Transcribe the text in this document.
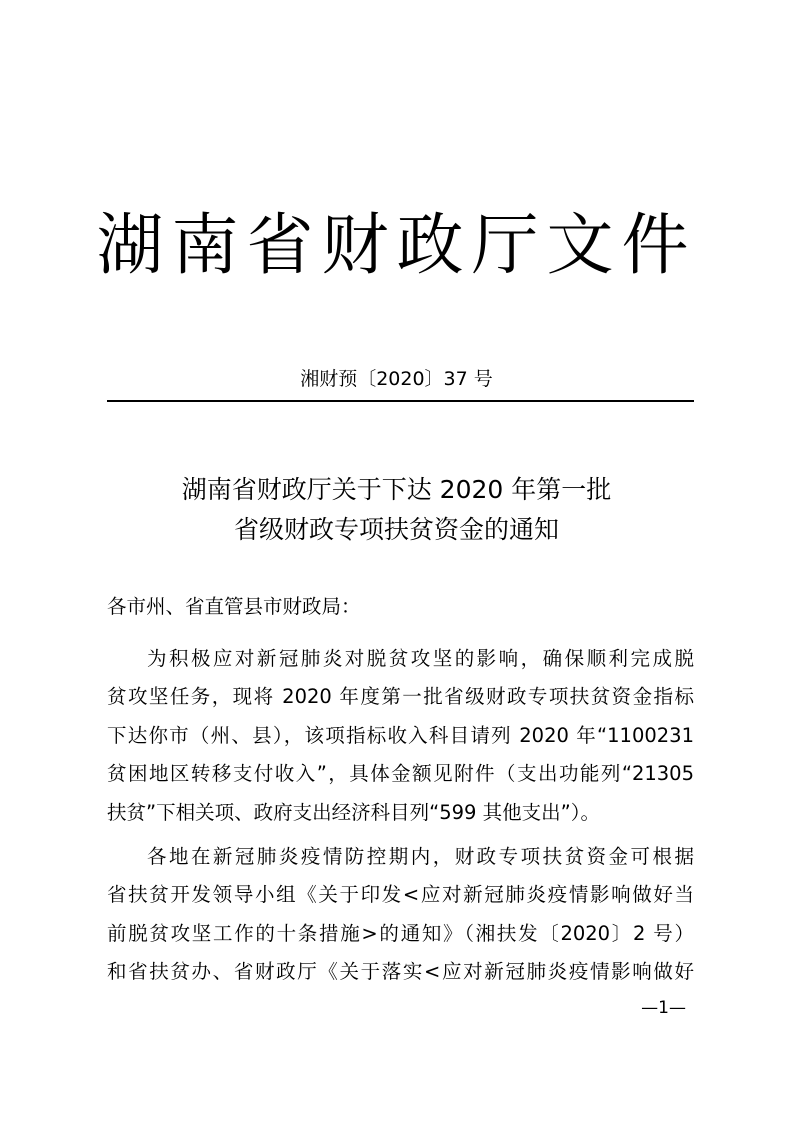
湖南省财政厅文件
湘财预〔2020〕37 号
湖南省财政厅关于下达 2020 年第一批
省级财政专项扶贫资金的通知
各市州、省直管县市财政局：
为积极应对新冠肺炎对脱贫攻坚的影响，确保顺利完成脱
贫攻坚任务，现将 2020 年度第一批省级财政专项扶贫资金指标
下达你市（州、县），该项指标收入科目请列 2020 年“1100231
贫困地区转移支付收入”，具体金额见附件（支出功能列“21305
扶贫”下相关项、政府支出经济科目列“599 其他支出”）。
各地在新冠肺炎疫情防控期内，财政专项扶贫资金可根据
省扶贫开发领导小组《关于印发<应对新冠肺炎疫情影响做好当
前脱贫攻坚工作的十条措施>的通知》（湘扶发〔2020〕2 号）
和省扶贫办、省财政厅《关于落实<应对新冠肺炎疫情影响做好
—1—
